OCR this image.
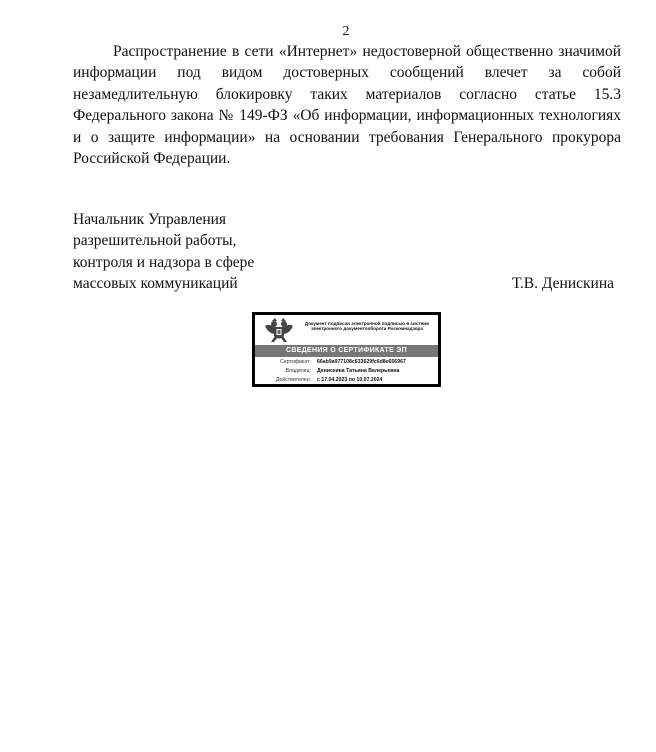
2

Распространение в сети «Интернет» недостоверной общественно значимой информации под видом достоверных сообщений влечет за собой незамедлительную блокировку таких материалов согласно статье 15.3 Федерального закона № 149-ФЗ «Об информации, информационных технологиях и о защите информации» на основании требования Генерального прокурора Российской Федерации.

Начальник Управления
разрешительной работы,
контроля и надзора в сфере
массовых коммуникаций	Т.В. Денискина
Документ подписан электронной подписью в системе электронного документооборота Роскомнадзора
СВЕДЕНИЯ О СЕРТИФИКАТЕ ЭП
Сертификат: 66ab9a977108c633629fc6d8e656967
Владелец: Денискина Татьяна Валерьевна
Действителен: с 17.04.2023 по 10.07.2024
